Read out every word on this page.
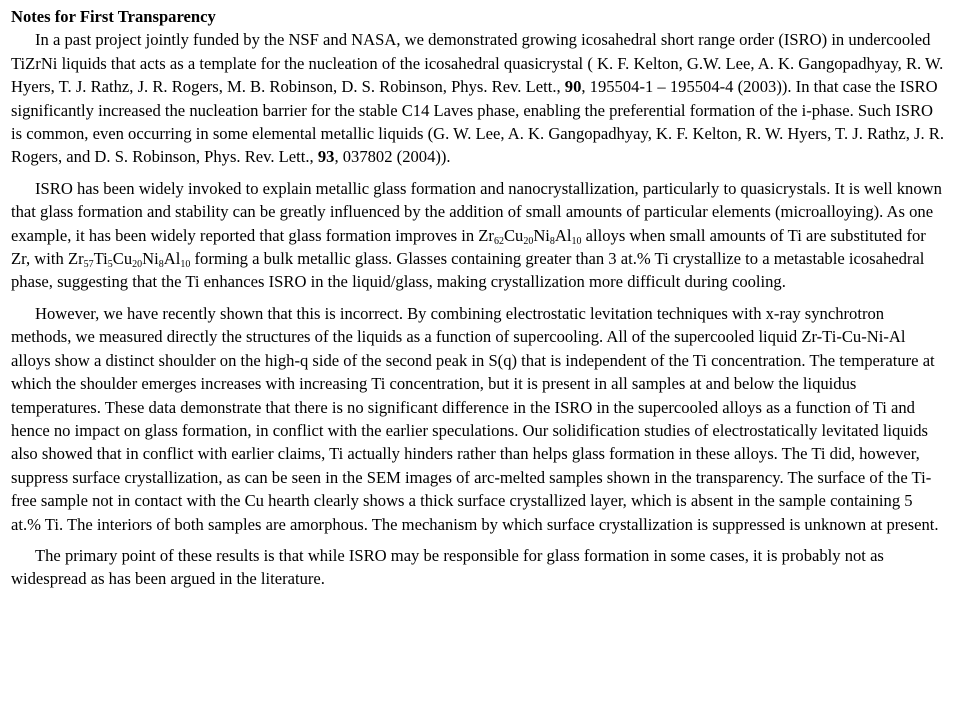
Notes for First Transparency

In a past project jointly funded by the NSF and NASA, we demonstrated growing icosahedral short range order (ISRO) in undercooled TiZrNi liquids that acts as a template for the nucleation of the icosahedral quasicrystal ( K. F. Kelton, G.W. Lee, A. K. Gangopadhyay, R. W. Hyers, T. J. Rathz, J. R. Rogers, M. B. Robinson, D. S. Robinson, Phys. Rev. Lett., 90, 195504-1 – 195504-4 (2003)). In that case the ISRO significantly increased the nucleation barrier for the stable C14 Laves phase, enabling the preferential formation of the i-phase. Such ISRO is common, even occurring in some elemental metallic liquids (G. W. Lee, A. K. Gangopadhyay, K. F. Kelton, R. W. Hyers, T. J. Rathz, J. R. Rogers, and D. S. Robinson, Phys. Rev. Lett., 93, 037802 (2004)).

ISRO has been widely invoked to explain metallic glass formation and nanocrystallization, particularly to quasicrystals. It is well known that glass formation and stability can be greatly influenced by the addition of small amounts of particular elements (microalloying). As one example, it has been widely reported that glass formation improves in $Zr_{62}Cu_{20}Ni_8Al_{10}$ alloys when small amounts of Ti are substituted for Zr, with $Zr_{57}Ti_5Cu_{20}Ni_8Al_{10}$ forming a bulk metallic glass. Glasses containing greater than 3 at.% Ti crystallize to a metastable icosahedral phase, suggesting that the Ti enhances ISRO in the liquid/glass, making crystallization more difficult during cooling.

However, we have recently shown that this is incorrect. By combining electrostatic levitation techniques with x-ray synchrotron methods, we measured directly the structures of the liquids as a function of supercooling. All of the supercooled liquid Zr-Ti-Cu-Ni-Al alloys show a distinct shoulder on the high-q side of the second peak in S(q) that is independent of the Ti concentration. The temperature at which the shoulder emerges increases with increasing Ti concentration, but it is present in all samples at and below the liquidus temperatures. These data demonstrate that there is no significant difference in the ISRO in the supercooled alloys as a function of Ti and hence no impact on glass formation, in conflict with the earlier speculations. Our solidification studies of electrostatically levitated liquids also showed that in conflict with earlier claims, Ti actually hinders rather than helps glass formation in these alloys. The Ti did, however, suppress surface crystallization, as can be seen in the SEM images of arc-melted samples shown in the transparency. The surface of the Ti-free sample not in contact with the Cu hearth clearly shows a thick surface crystallized layer, which is absent in the sample containing 5 at.% Ti. The interiors of both samples are amorphous. The mechanism by which surface crystallization is suppressed is unknown at present.

The primary point of these results is that while ISRO may be responsible for glass formation in some cases, it is probably not as widespread as has been argued in the literature.
